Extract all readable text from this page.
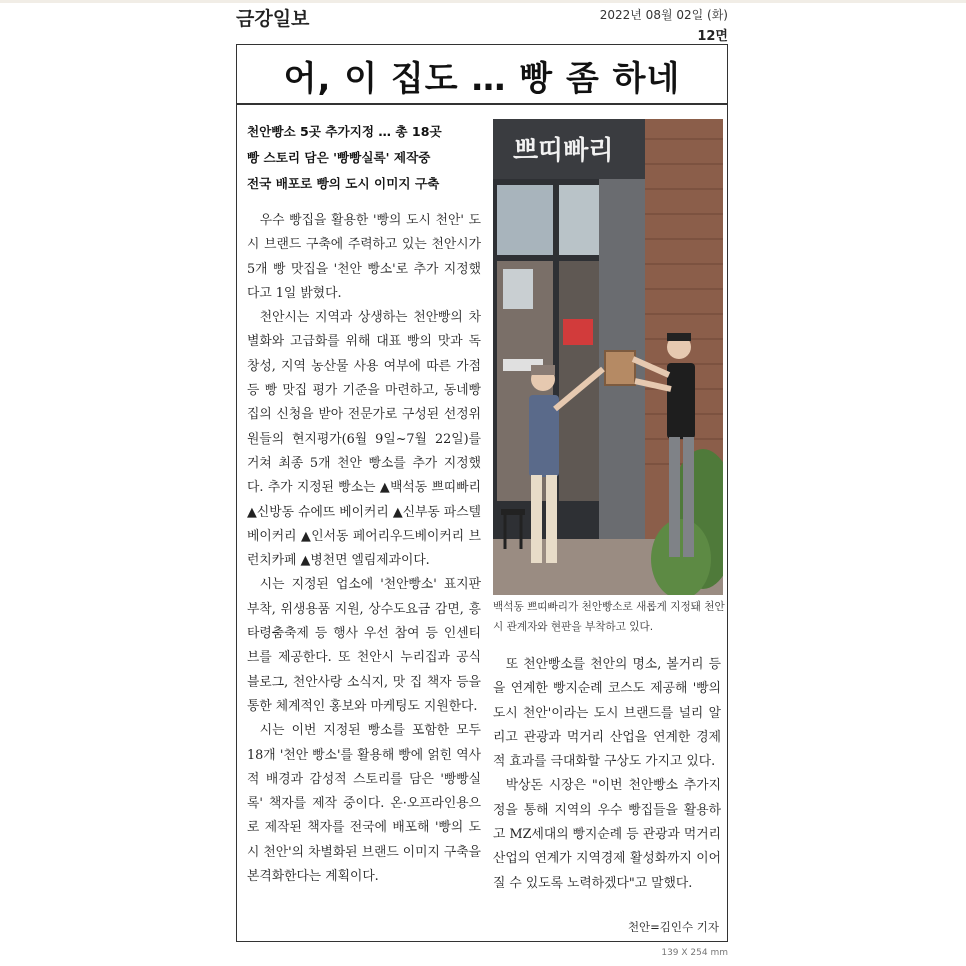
금강일보	2022년 08월 02일 (화)
12면
어, 이 집도 … 빵 좀 하네
천안빵소 5곳 추가지정 … 총 18곳
빵 스토리 담은 '빵빵실록' 제작중
전국 배포로 빵의 도시 이미지 구축

우수 빵집을 활용한 '빵의 도시 천안' 도시 브랜드 구축에 주력하고 있는 천안시가 5개 빵 맛집을 '천안 빵소'로 추가 지정했다고 1일 밝혔다.

천안시는 지역과 상생하는 천안빵의 차별화와 고급화를 위해 대표 빵의 맛과 독창성, 지역 농산물 사용 여부에 따른 가점 등 빵 맛집 평가 기준을 마련하고, 동네빵집의 신청을 받아 전문가로 구성된 선정위원들의 현지평가(6월 9일~7월 22일)를 거쳐 최종 5개 천안 빵소를 추가 지정했다. 추가 지정된 빵소는 ▲백석동 쁘띠빠리 ▲신방동 슈에뜨 베이커리 ▲신부동 파스텔베이커리 ▲인서동 페어리우드베이커리 브런치카페 ▲병천면 엘림제과이다.

시는 지정된 업소에 '천안빵소' 표지판 부착, 위생용품 지원, 상수도요금 감면, 흥타령춤축제 등 행사 우선 참여 등 인센티브를 제공한다. 또 천안시 누리집과 공식블로그, 천안사랑 소식지, 맛 집 책자 등을 통한 체계적인 홍보와 마케팅도 지원한다.

시는 이번 지정된 빵소를 포함한 모두 18개 '천안 빵소'를 활용해 빵에 얽힌 역사적 배경과 감성적 스토리를 담은 '빵빵실록' 책자를 제작 중이다. 온·오프라인용으로 제작된 책자를 전국에 배포해 '빵의 도시 천안'의 차별화된 브랜드 이미지 구축을 본격화한다는 계획이다.

쁘띠빠리
백석동 쁘띠빠리가 천안빵소로 새롭게 지정돼 천안시 관계자와 현판을 부착하고 있다.

또 천안빵소를 천안의 명소, 볼거리 등을 연계한 빵지순례 코스도 제공해 '빵의 도시 천안'이라는 도시 브랜드를 널리 알리고 관광과 먹거리 산업을 연계한 경제적 효과를 극대화할 구상도 가지고 있다.

박상돈 시장은 "이번 천안빵소 추가지정을 통해 지역의 우수 빵집들을 활용하고 MZ세대의 빵지순례 등 관광과 먹거리산업의 연계가 지역경제 활성화까지 이어질 수 있도록 노력하겠다"고 말했다.

천안=김인수 기자
139 X 254 mm
